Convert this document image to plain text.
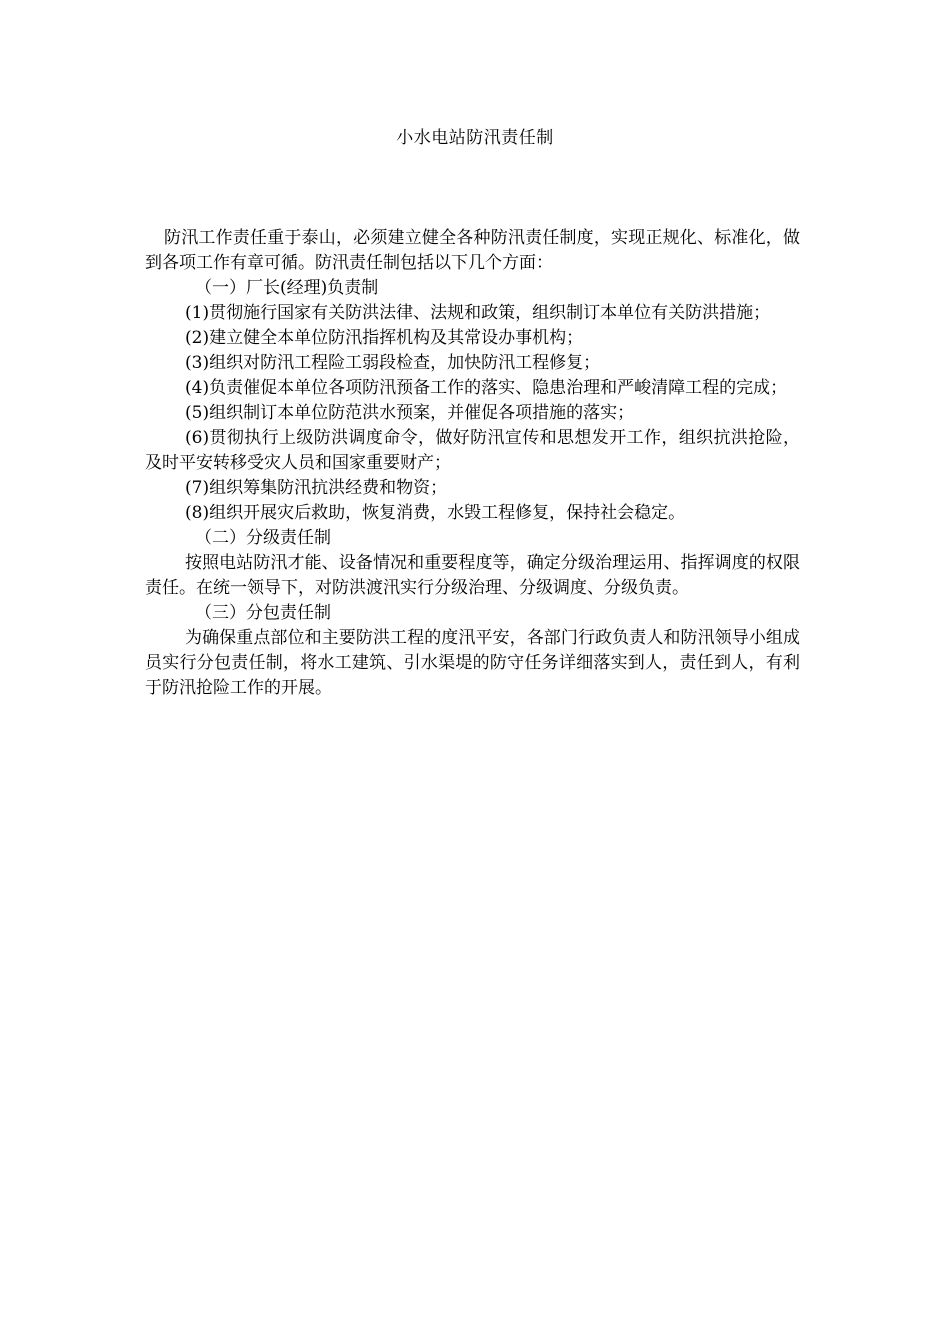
小水电站防汛责任制

防汛工作责任重于泰山，必须建立健全各种防汛责任制度，实现正规化、标准化，做到各项工作有章可循。防汛责任制包括以下几个方面：

（一）厂长(经理)负责制

(1)贯彻施行国家有关防洪法律、法规和政策，组织制订本单位有关防洪措施；

(2)建立健全本单位防汛指挥机构及其常设办事机构；

(3)组织对防汛工程险工弱段检查，加快防汛工程修复；

(4)负责催促本单位各项防汛预备工作的落实、隐患治理和严峻清障工程的完成；

(5)组织制订本单位防范洪水预案，并催促各项措施的落实；

(6)贯彻执行上级防洪调度命令，做好防汛宣传和思想发开工作，组织抗洪抢险，及时平安转移受灾人员和国家重要财产；

(7)组织筹集防汛抗洪经费和物资；

(8)组织开展灾后救助，恢复消费，水毁工程修复，保持社会稳定。

（二）分级责任制

按照电站防汛才能、设备情况和重要程度等，确定分级治理运用、指挥调度的权限责任。在统一领导下，对防洪渡汛实行分级治理、分级调度、分级负责。

（三）分包责任制

为确保重点部位和主要防洪工程的度汛平安，各部门行政负责人和防汛领导小组成员实行分包责任制，将水工建筑、引水渠堤的防守任务详细落实到人，责任到人，有利于防汛抢险工作的开展。
